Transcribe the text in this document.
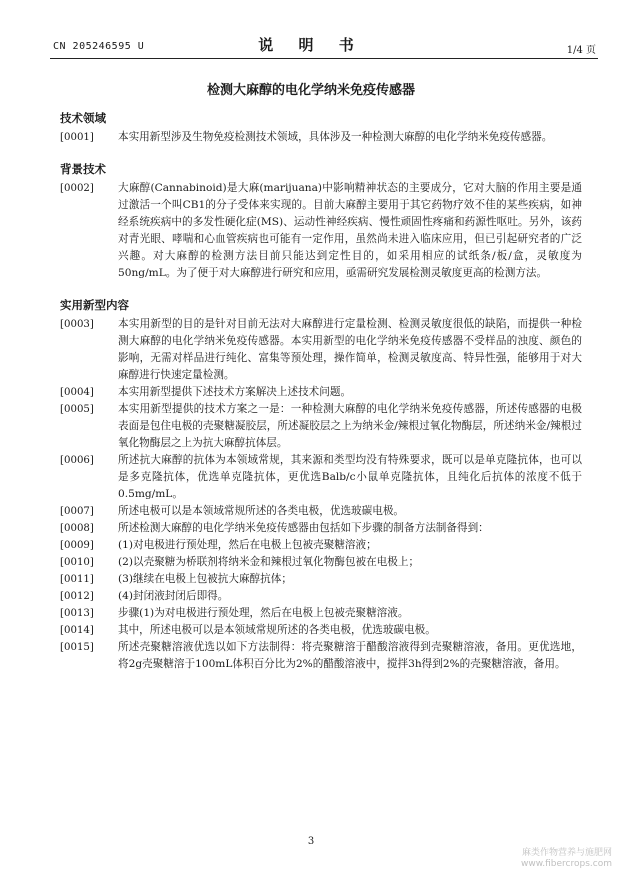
CN 205246595 U	说 明 书	1/4 页
检测大麻醇的电化学纳米免疫传感器
技术领域
[0001] 本实用新型涉及生物免疫检测技术领域，具体涉及一种检测大麻醇的电化学纳米免疫传感器。
背景技术
[0002] 大麻醇(Cannabinoid)是大麻(marijuana)中影响精神状态的主要成分，它对大脑的作用主要是通过激活一个叫CB1的分子受体来实现的。目前大麻醇主要用于其它药物疗效不佳的某些疾病，如神经系统疾病中的多发性硬化症(MS)、运动性神经疾病、慢性顽固性疼痛和药源性呕吐。另外，该药对青光眼、哮喘和心血管疾病也可能有一定作用，虽然尚未进入临床应用，但已引起研究者的广泛兴趣。对大麻醇的检测方法目前只能达到定性目的，如采用相应的试纸条/板/盒，灵敏度为50ng/mL。为了便于对大麻醇进行研究和应用，亟需研究发展检测灵敏度更高的检测方法。
实用新型内容
[0003] 本实用新型的目的是针对目前无法对大麻醇进行定量检测、检测灵敏度很低的缺陷，而提供一种检测大麻醇的电化学纳米免疫传感器。本实用新型的电化学纳米免疫传感器不受样品的浊度、颜色的影响，无需对样品进行纯化、富集等预处理，操作简单，检测灵敏度高、特异性强，能够用于对大麻醇进行快速定量检测。
[0004] 本实用新型提供下述技术方案解决上述技术问题。
[0005] 本实用新型提供的技术方案之一是：一种检测大麻醇的电化学纳米免疫传感器，所述传感器的电极表面是包住电极的壳聚糖凝胶层，所述凝胶层之上为纳米金/辣根过氧化物酶层，所述纳米金/辣根过氧化物酶层之上为抗大麻醇抗体层。
[0006] 所述抗大麻醇的抗体为本领域常规，其来源和类型均没有特殊要求，既可以是单克隆抗体，也可以是多克隆抗体，优选单克隆抗体，更优选Balb/c小鼠单克隆抗体，且纯化后抗体的浓度不低于0.5mg/mL。
[0007] 所述电极可以是本领域常规所述的各类电极，优选玻碳电极。
[0008] 所述检测大麻醇的电化学纳米免疫传感器由包括如下步骤的制备方法制备得到：
[0009] (1)对电极进行预处理，然后在电极上包被壳聚糖溶液；
[0010] (2)以壳聚糖为桥联剂将纳米金和辣根过氧化物酶包被在电极上；
[0011] (3)继续在电极上包被抗大麻醇抗体；
[0012] (4)封闭液封闭后即得。
[0013] 步骤(1)为对电极进行预处理，然后在电极上包被壳聚糖溶液。
[0014] 其中，所述电极可以是本领域常规所述的各类电极，优选玻碳电极。
[0015] 所述壳聚糖溶液优选以如下方法制得：将壳聚糖溶于醋酸溶液得到壳聚糖溶液，备用。更优选地，将2g壳聚糖溶于100mL体积百分比为2%的醋酸溶液中，搅拌3h得到2%的壳聚糖溶液，备用。
3
麻类作物营养与施肥网
www.fibercrops.com
